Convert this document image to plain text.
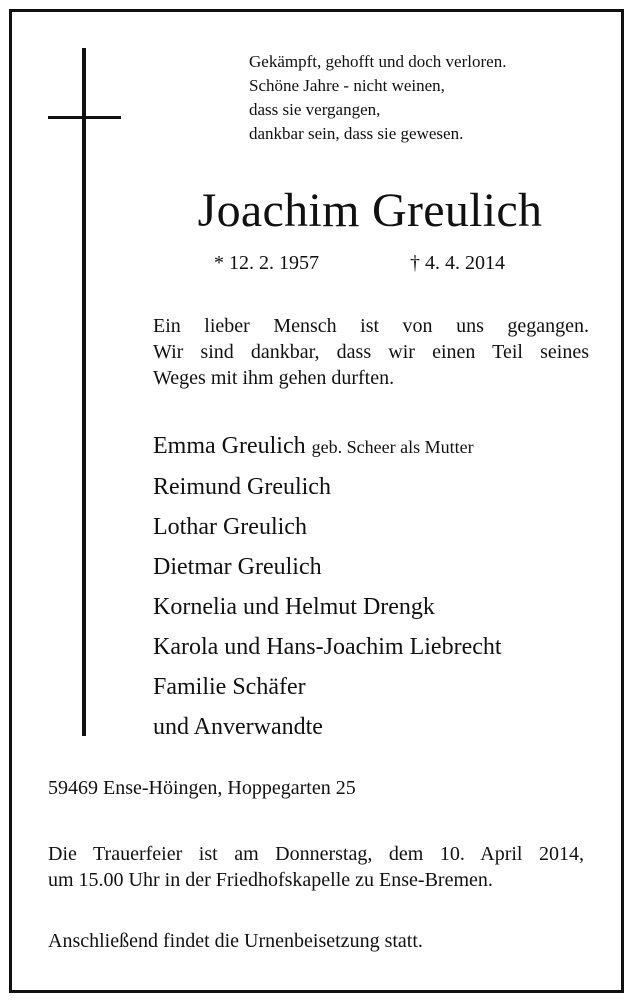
Gekämpft, gehofft und doch verloren.
Schöne Jahre - nicht weinen,
dass sie vergangen,
dankbar sein, dass sie gewesen.
Joachim Greulich
* 12. 2. 1957	† 4. 4. 2014
Ein lieber Mensch ist von uns gegangen.
Wir sind dankbar, dass wir einen Teil seines
Weges mit ihm gehen durften.
Emma Greulich geb. Scheer als Mutter
Reimund Greulich
Lothar Greulich
Dietmar Greulich
Kornelia und Helmut Drengk
Karola und Hans-Joachim Liebrecht
Familie Schäfer
und Anverwandte
59469 Ense-Höingen, Hoppegarten 25
Die Trauerfeier ist am Donnerstag, dem 10. April 2014,
um 15.00 Uhr in der Friedhofskapelle zu Ense-Bremen.
Anschließend findet die Urnenbeisetzung statt.
